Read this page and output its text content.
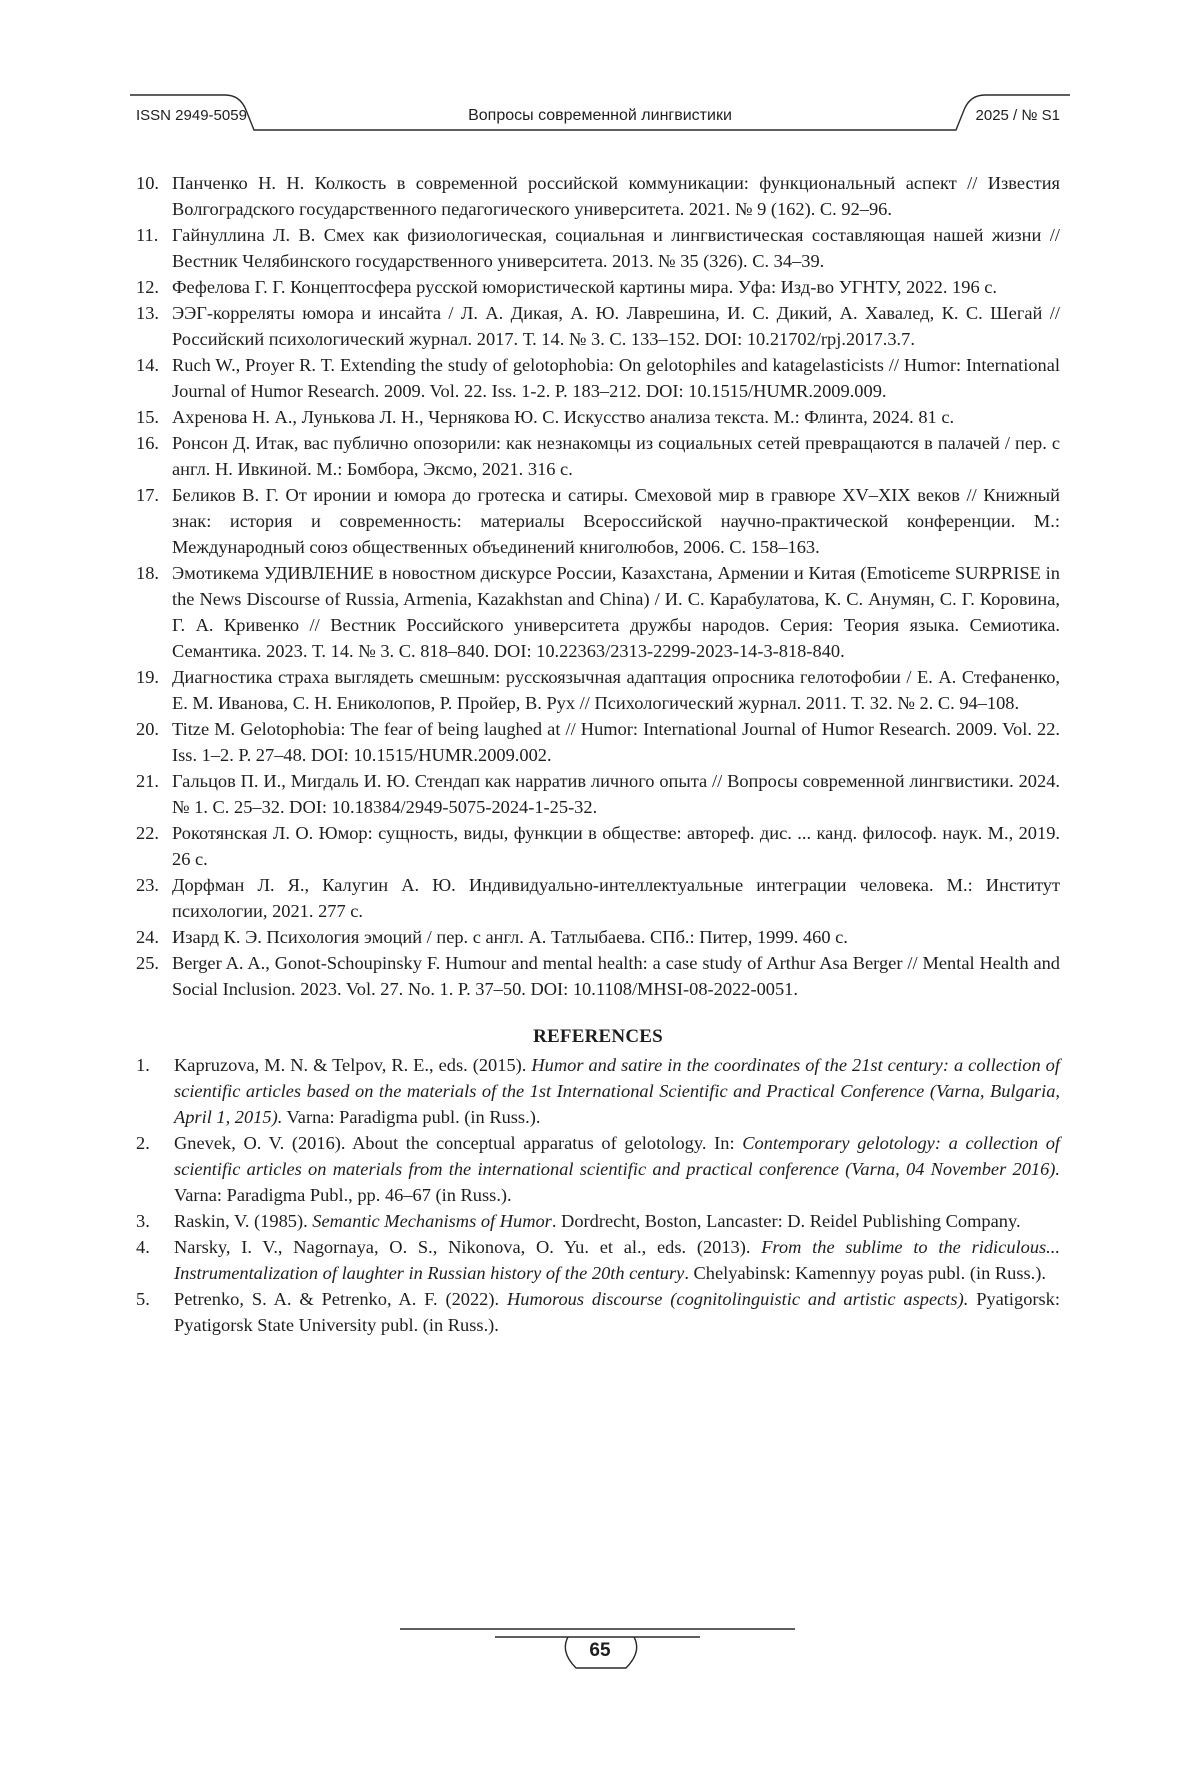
ISSN 2949-5059	Вопросы современной лингвистики	2025 / № S1
10. Панченко Н. Н. Колкость в современной российской коммуникации: функциональный аспект // Известия Волгоградского государственного педагогического университета. 2021. № 9 (162). С. 92–96.
11. Гайнуллина Л. В. Смех как физиологическая, социальная и лингвистическая составляющая нашей жизни // Вестник Челябинского государственного университета. 2013. № 35 (326). С. 34–39.
12. Фефелова Г. Г. Концептосфера русской юмористической картины мира. Уфа: Изд-во УГНТУ, 2022. 196 с.
13. ЭЭГ-корреляты юмора и инсайта / Л. А. Дикая, А. Ю. Лаврешина, И. С. Дикий, А. Хавалед, К. С. Шегай // Российский психологический журнал. 2017. Т. 14. № 3. С. 133–152. DOI: 10.21702/rpj.2017.3.7.
14. Ruch W., Proyer R. T. Extending the study of gelotophobia: On gelotophiles and katagelasticists // Humor: International Journal of Humor Research. 2009. Vol. 22. Iss. 1-2. P. 183–212. DOI: 10.1515/HUMR.2009.009.
15. Ахренова Н. А., Лунькова Л. Н., Чернякова Ю. С. Искусство анализа текста. М.: Флинта, 2024. 81 с.
16. Ронсон Д. Итак, вас публично опозорили: как незнакомцы из социальных сетей превращаются в палачей / пер. с англ. Н. Ивкиной. М.: Бомбора, Эксмо, 2021. 316 с.
17. Беликов В. Г. От иронии и юмора до гротеска и сатиры. Смеховой мир в гравюре XV–XIX веков // Книжный знак: история и современность: материалы Всероссийской научно-практической конференции. М.: Международный союз общественных объединений книголюбов, 2006. С. 158–163.
18. Эмотикема УДИВЛЕНИЕ в новостном дискурсе России, Казахстана, Армении и Китая (Emoticeme SURPRISE in the News Discourse of Russia, Armenia, Kazakhstan and China) / И. С. Карабулатова, К. С. Анумян, С. Г. Коровина, Г. А. Кривенко // Вестник Российского университета дружбы народов. Серия: Теория языка. Семиотика. Семантика. 2023. Т. 14. № 3. С. 818–840. DOI: 10.22363/2313-2299-2023-14-3-818-840.
19. Диагностика страха выглядеть смешным: русскоязычная адаптация опросника гелотофобии / Е. А. Стефаненко, Е. М. Иванова, С. Н. Ениколопов, Р. Пройер, В. Рух // Психологический журнал. 2011. Т. 32. № 2. С. 94–108.
20. Titze M. Gelotophobia: The fear of being laughed at // Humor: International Journal of Humor Research. 2009. Vol. 22. Iss. 1–2. P. 27–48. DOI: 10.1515/HUMR.2009.002.
21. Гальцов П. И., Мигдаль И. Ю. Стендап как нарратив личного опыта // Вопросы современной лингвистики. 2024. № 1. С. 25–32. DOI: 10.18384/2949-5075-2024-1-25-32.
22. Рокотянская Л. О. Юмор: сущность, виды, функции в обществе: автореф. дис. ... канд. философ. наук. М., 2019. 26 с.
23. Дорфман Л. Я., Калугин А. Ю. Индивидуально-интеллектуальные интеграции человека. М.: Институт психологии, 2021. 277 с.
24. Изард К. Э. Психология эмоций / пер. с англ. А. Татлыбаева. СПб.: Питер, 1999. 460 с.
25. Berger A. A., Gonot-Schoupinsky F. Humour and mental health: a case study of Arthur Asa Berger // Mental Health and Social Inclusion. 2023. Vol. 27. No. 1. P. 37–50. DOI: 10.1108/MHSI-08-2022-0051.
REFERENCES
1.	Kapruzova, M. N. & Telpov, R. E., eds. (2015). Humor and satire in the coordinates of the 21st century: a collection of scientific articles based on the materials of the 1st International Scientific and Practical Conference (Varna, Bulgaria, April 1, 2015). Varna: Paradigma publ. (in Russ.).
2.	Gnevek, O. V. (2016). About the conceptual apparatus of gelotology. In: Contemporary gelotology: a collection of scientific articles on materials from the international scientific and practical conference (Varna, 04 November 2016). Varna: Paradigma Publ., pp. 46–67 (in Russ.).
3.	Raskin, V. (1985). Semantic Mechanisms of Humor. Dordrecht, Boston, Lancaster: D. Reidel Publishing Company.
4.	Narsky, I. V., Nagornaya, O. S., Nikonova, O. Yu. et al., eds. (2013). From the sublime to the ridiculous... Instrumentalization of laughter in Russian history of the 20th century. Chelyabinsk: Kamennyy poyas publ. (in Russ.).
5.	Petrenko, S. A. & Petrenko, A. F. (2022). Humorous discourse (cognitolinguistic and artistic aspects). Pyatigorsk: Pyatigorsk State University publ. (in Russ.).
65
